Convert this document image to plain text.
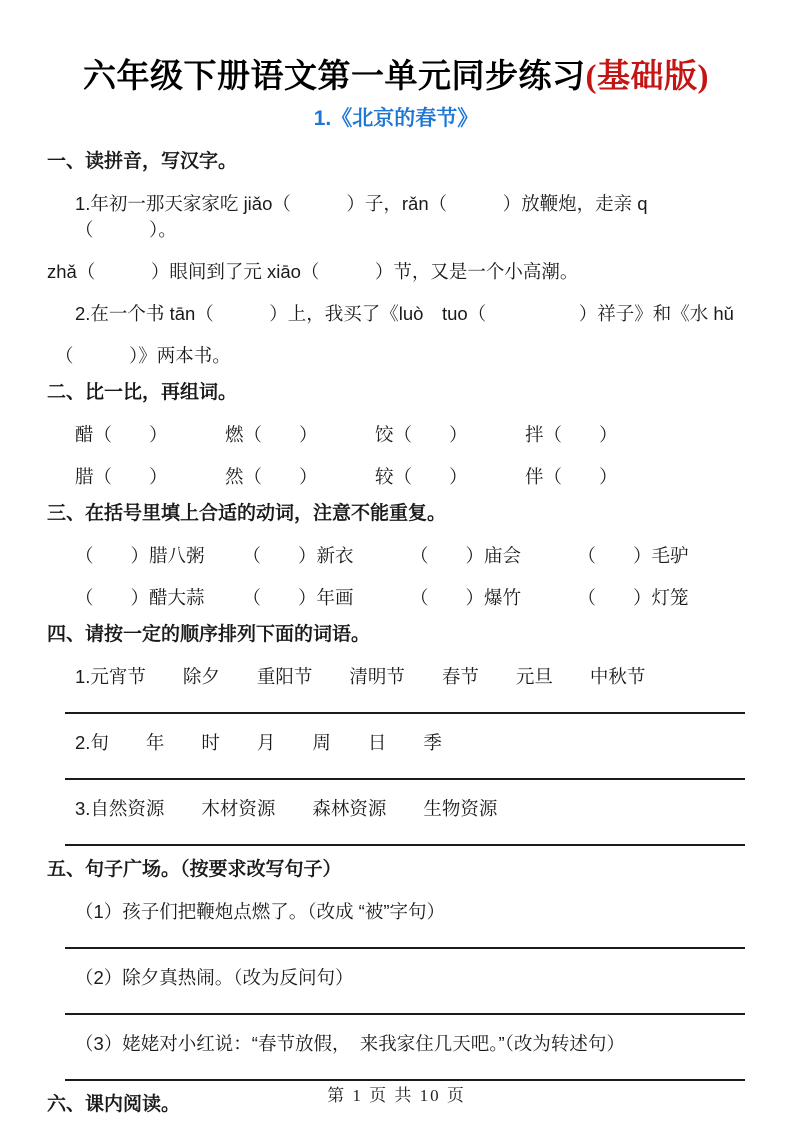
六年级下册语文第一单元同步练习(基础版)
1.《北京的春节》
一、读拼音，写汉字。
1.年初一那天家家吃 jiǎo（　　　）子，rǎn（　　　）放鞭炮，走亲 q（　　　）。
zhǎ（　　　）眼间到了元 xiāo（　　　）节，又是一个小高潮。
2.在一个书 tān（　　　）上，我买了《luò　tuo（　　　　　）祥子》和《水 hǔ
（　　　）》两本书。
二、比一比，再组词。
醋（　　）	燃（　　）	饺（　　）	拌（　　）
腊（　　）	然（　　）	较（　　）	伴（　　）
三、在括号里填上合适的动词，注意不能重复。
（　　）腊八粥	（　　）新衣	（　　）庙会	（　　）毛驴
（　　）醋大蒜	（　　）年画	（　　）爆竹	（　　）灯笼
四、请按一定的顺序排列下面的词语。
1.元宵节　　除夕　　重阳节　　清明节　　春节　　元旦　　中秋节
2.旬　　年　　时　　月　　周　　日　　季
3.自然资源　　木材资源　　森林资源　　生物资源
五、句子广场。（按要求改写句子）
（1）孩子们把鞭炮点燃了。（改成 “被”字句）
（2）除夕真热闹。（改为反问句）
（3）姥姥对小红说：“春节放假，　来我家住几天吧。”（改为转述句）
六、课内阅读。	第 1 页 共 10 页
